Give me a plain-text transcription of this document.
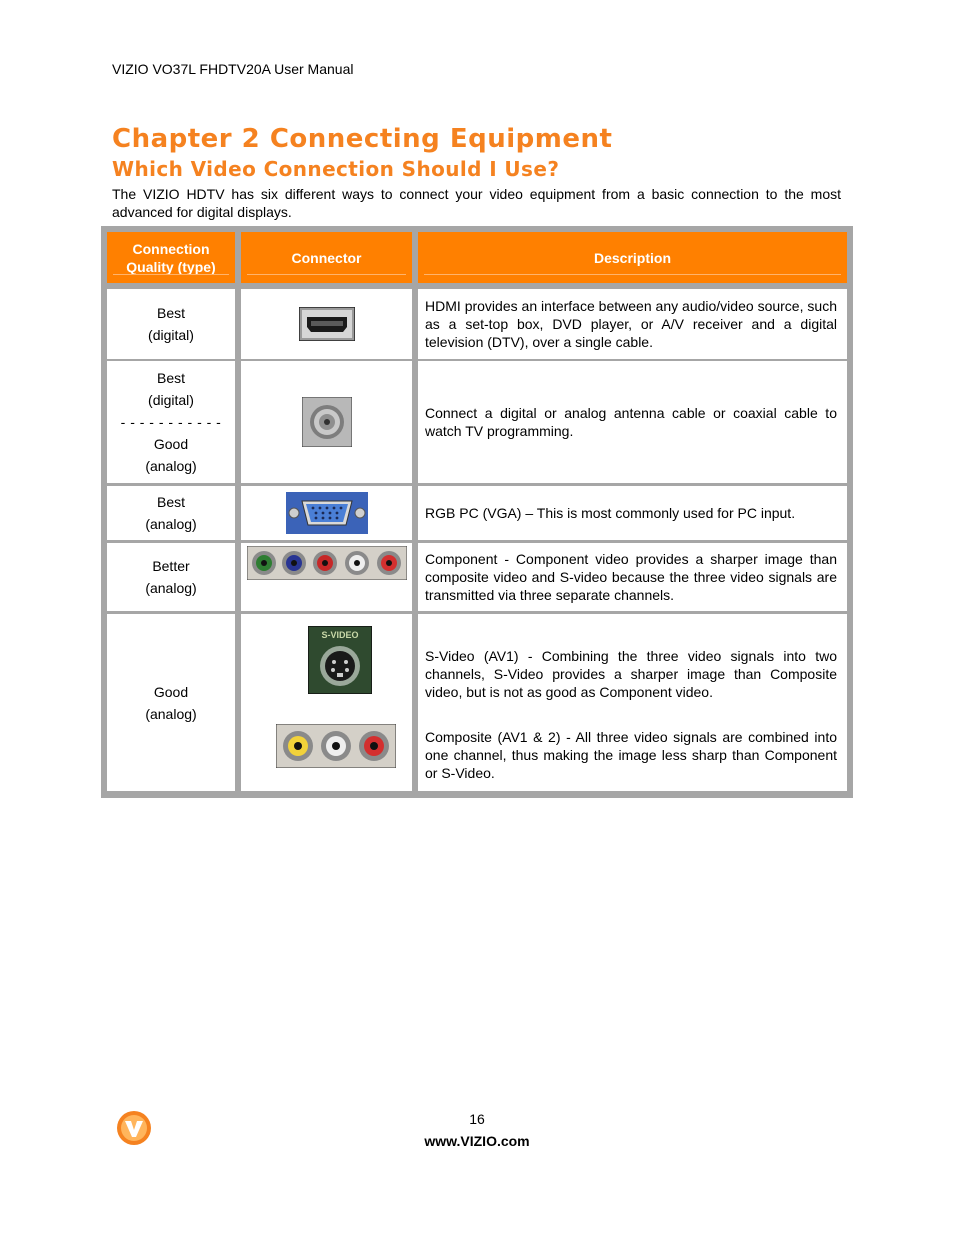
VIZIO VO37L FHDTV20A User Manual
Chapter 2 Connecting Equipment
Which Video Connection Should I Use?
The VIZIO HDTV has six different ways to connect your video equipment from a basic connection to the most advanced for digital displays.
Connection
Quality (type)
Connector	Description
Best
(digital)

HDMI provides an interface between any audio/video source, such as a set-top box, DVD player, or A/V receiver and a digital television (DTV), over a single cable.

Best
(digital)
- - - - - - - - - - -
Good
(analog)

Connect a digital or analog antenna cable or coaxial cable to watch TV programming.

Best
(analog)

RGB PC (VGA) – This is most commonly used for PC input.

Better
(analog)

Component - Component video provides a sharper image than composite video and S-video because the three video signals are transmitted via three separate channels.

Good
(analog)
S-VIDEO

S-Video (AV1) - Combining the three video signals into two channels, S-Video provides a sharper image than Composite video, but is not as good as Component video.

Composite (AV1 & 2) - All three video signals are combined into one channel, thus making the image less sharp than Component or S-Video.

16
www.VIZIO.com
